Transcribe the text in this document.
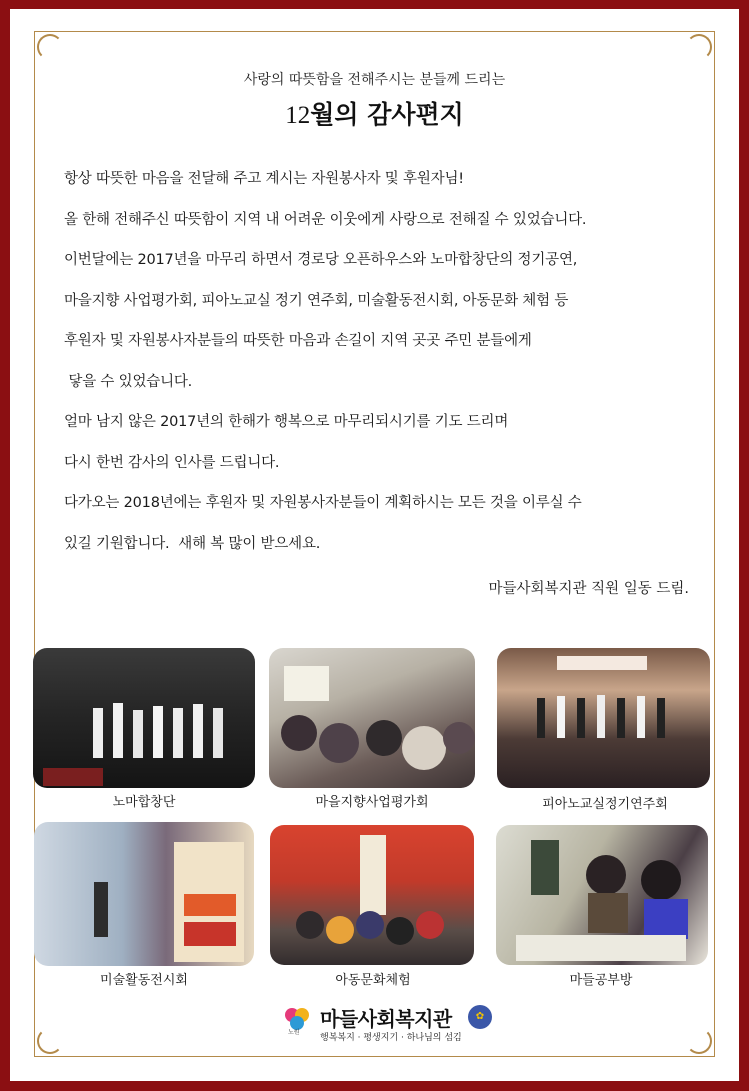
사랑의 따뜻함을 전해주시는 분들께 드리는
12월의 감사편지
항상 따뜻한 마음을 전달해 주고 계시는 자원봉사자 및 후원자님!
올 한해 전해주신 따뜻함이 지역 내 어려운 이웃에게 사랑으로 전해질 수 있었습니다.
이번달에는 2017년을 마무리 하면서 경로당 오픈하우스와 노마합창단의 정기공연,
마을지향 사업평가회, 피아노교실 정기 연주회, 미술활동전시회, 아동문화 체험 등
후원자 및 자원봉사자분들의 따뜻한 마음과 손길이 지역 곳곳 주민 분들에게
닿을 수 있었습니다.
얼마 남지 않은 2017년의 한해가 행복으로 마무리되시기를 기도 드리며
다시 한번 감사의 인사를 드립니다.
다가오는 2018년에는 후원자 및 자원봉사자분들이 계획하시는 모든 것을 이루실 수
있길 기원합니다.  새해 복 많이 받으세요.
마들사회복지관 직원 일동 드림.
노마합창단	마을지향사업평가회	피아노교실정기연주회
미술활동전시회	아동문화체험	마들공부방
노원
마들사회복지관
행복복지 · 평생지기 · 하나님의 섬김
✿
